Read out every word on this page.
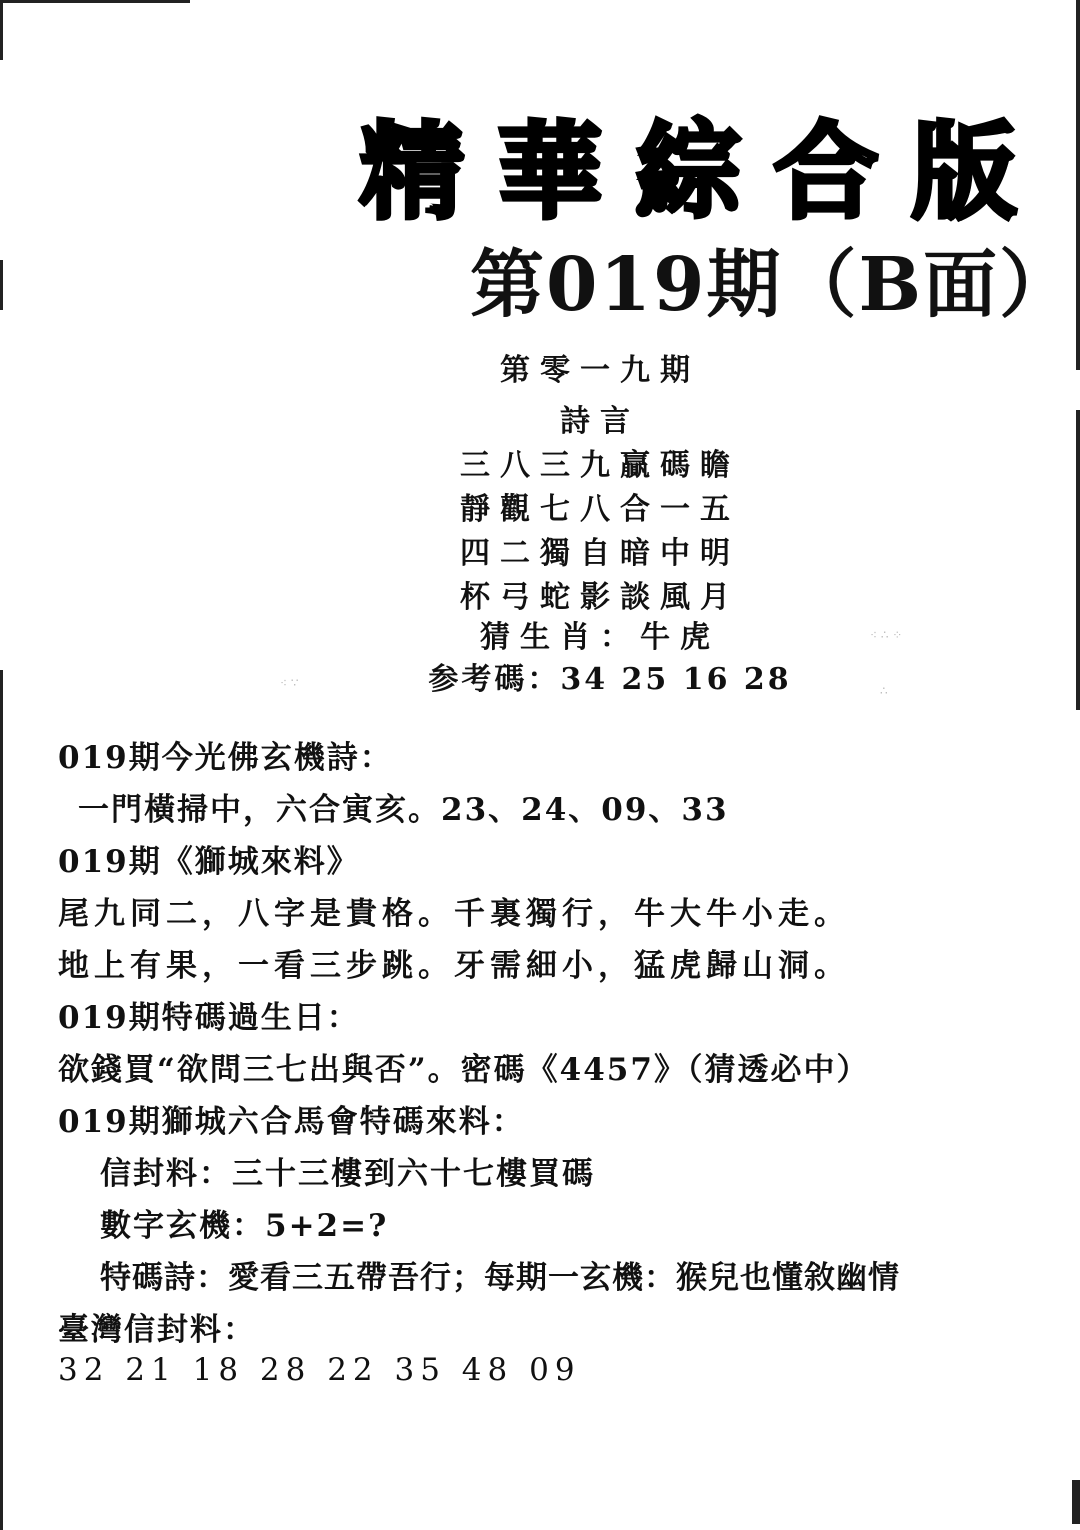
精華綜合版
第019期（B面）
第零一九期
詩言
三八三九贏碼瞻
靜觀七八合一五
四二獨自暗中明
杯弓蛇影談風月
猜生肖：牛虎
参考碼：34 25 16 28
⁖ ∴ ⁘
⁖ ∵
∴
019期今光佛玄機詩：
一門橫掃中，六合寅亥。23、24、09、33
019期《獅城來料》
尾九同二，八字是貴格。千裏獨行，牛大牛小走。
地上有果，一看三步跳。牙需細小，猛虎歸山洞。
019期特碼過生日：
欲錢買“欲問三七出與否”。密碼《4457》（猜透必中）
019期獅城六合馬會特碼來料：
信封料：三十三樓到六十七樓買碼
數字玄機：5+2=?
特碼詩：愛看三五帶吾行；每期一玄機：猴兒也懂敘幽情
臺灣信封料：
32 21 18 28 22 35 48 09
